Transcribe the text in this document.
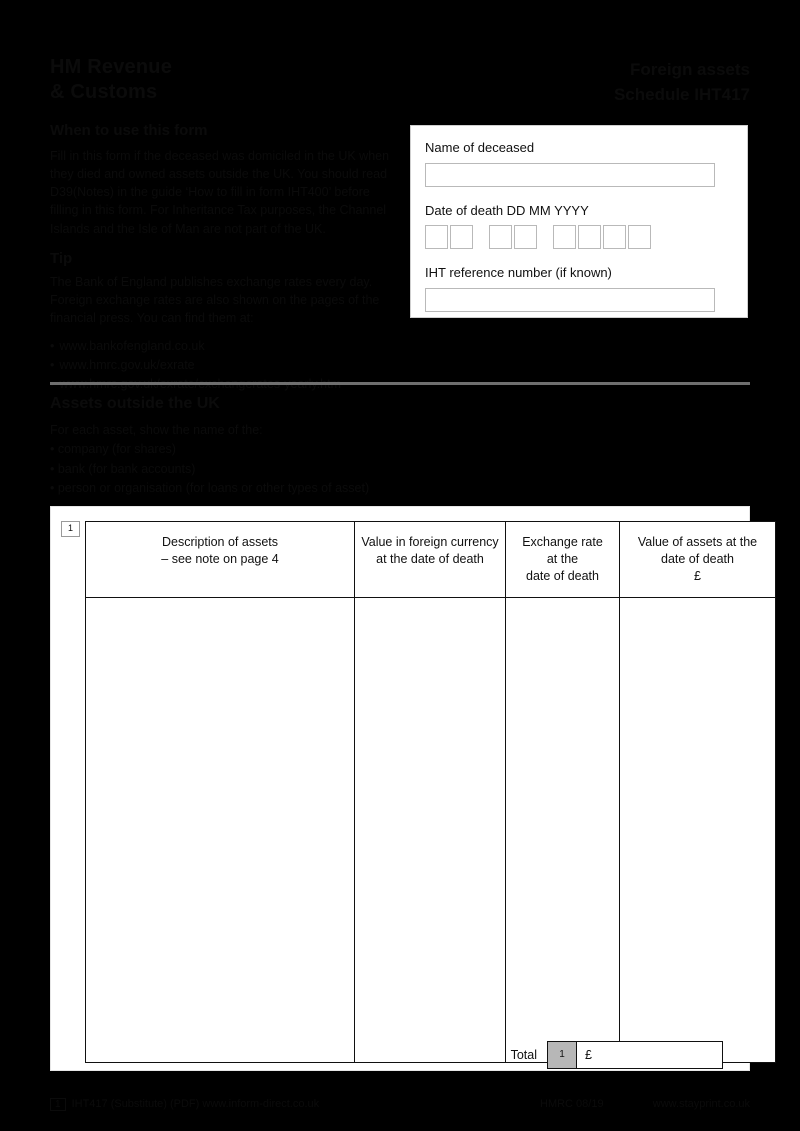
HM Revenue
& Customs
Foreign assets
Schedule IHT417
When to use this form

Fill in this form if the deceased was domiciled in the UK when they died and owned assets outside the UK. You should read D39(Notes) in the guide ‘How to fill in form IHT400’ before filling in this form. For Inheritance Tax purposes, the Channel Islands and the Isle of Man are not part of the UK.

Tip

The Bank of England publishes exchange rates every day. Foreign exchange rates are also shown on the pages of the financial press. You can find them at:

• www.bankofengland.co.uk
• www.hmrc.gov.uk/exrate
•
Name of deceased
Date of death DD MM YYYY
IHT reference number (if known)
Assets outside the UK

For each asset, show the name of the:

• company (for shares)

• bank (for bank accounts)

• person or organisation (for loans or other types of asset)

1
Description of assets
– see note on page 4	Value in foreign currency
at the date of death	Exchange rate
at the
date of death	Value of assets at the
date of death
£

Total	1	£
1 IHT417 (Substitute) (PDF) www.inform-direct.co.uk	HMRC 08/19	www.stayprint.co.uk
